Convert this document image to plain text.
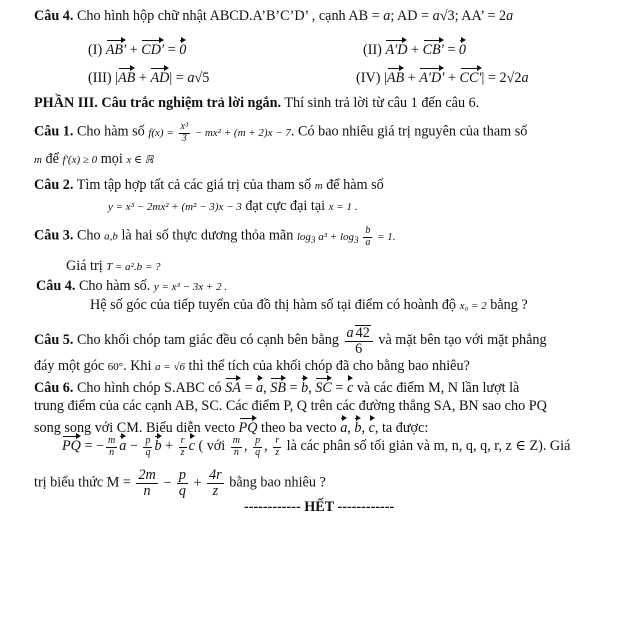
Câu 4. Cho hình hộp chữ nhật ABCD.A’B’C’D’ , cạnh AB = a; AD = a√3; AA’ = 2a
(I) AB′ + CD′ = 0	(II) A′D + CB′ = 0
(III) |AB + AD| = a√5	(IV) |AB + A′D′ + CC′| = 2√2a
PHẦN III. Câu trắc nghiệm trả lời ngắn. Thí sinh trả lời từ câu 1 đến câu 6.
Câu 1. Cho hàm số $f(x) = \frac{\text{x³}}{3} - mx^2 + (m + 2)x - 7$. Có bao nhiêu giá trị nguyên của tham số
m để f′(x) ≥ 0 mọi x ∈ ℝ
Câu 2. Tìm tập hợp tất cả các giá trị của tham số m để hàm số
y = x³ − 2mx² + (m² − 3)x − 3 đạt cực đại tại x = 1 .
Câu 3. Cho a,b là hai số thực dương thỏa mãn $\log_3 a^3 + \log_3 \frac{b}{a} = 1$.
Giá trị T = a².b = ?
Câu 4. Cho hàm số. y = x³ − 3x + 2 .
Hệ số góc của tiếp tuyến của đồ thị hàm số tại điểm có hoành độ x₀ = 2 bằng ?
Câu 5. Cho khối chóp tam giác đều có cạnh bên bằng $\frac{a 42}{6}$ và mặt bên tạo với mặt phẳng
đáy một góc 60°. Khi a = √6 thì thể tích của khối chóp đã cho bằng bao nhiêu?
Câu 6. Cho hình chóp S.ABC có SA = a, SB = b, SC = c và các điểm M, N lần lượt là
trung điểm của các cạnh AB, SC. Các điểm P, Q trên các đường thẳng SA, BN sao cho PQ
song song với CM. Biểu diễn vecto PQ theo ba vecto a, b, c, ta được:
PQ = − $\frac{m}{n}$ $a - \frac{p}{q}$ $b + \frac{r}{z}$ c ( với $\frac{m}{n}$ , $\frac{p}{q}$ , $\frac{r}{z}$ là các phân số tối giản và m, n, q, q, r, z ∈ Z). Giá
trị biểu thức $M = \frac{2m}{n} - \frac{p}{q} + \frac{4r}{z}$ bằng bao nhiêu ?
------------ HẾT ------------
